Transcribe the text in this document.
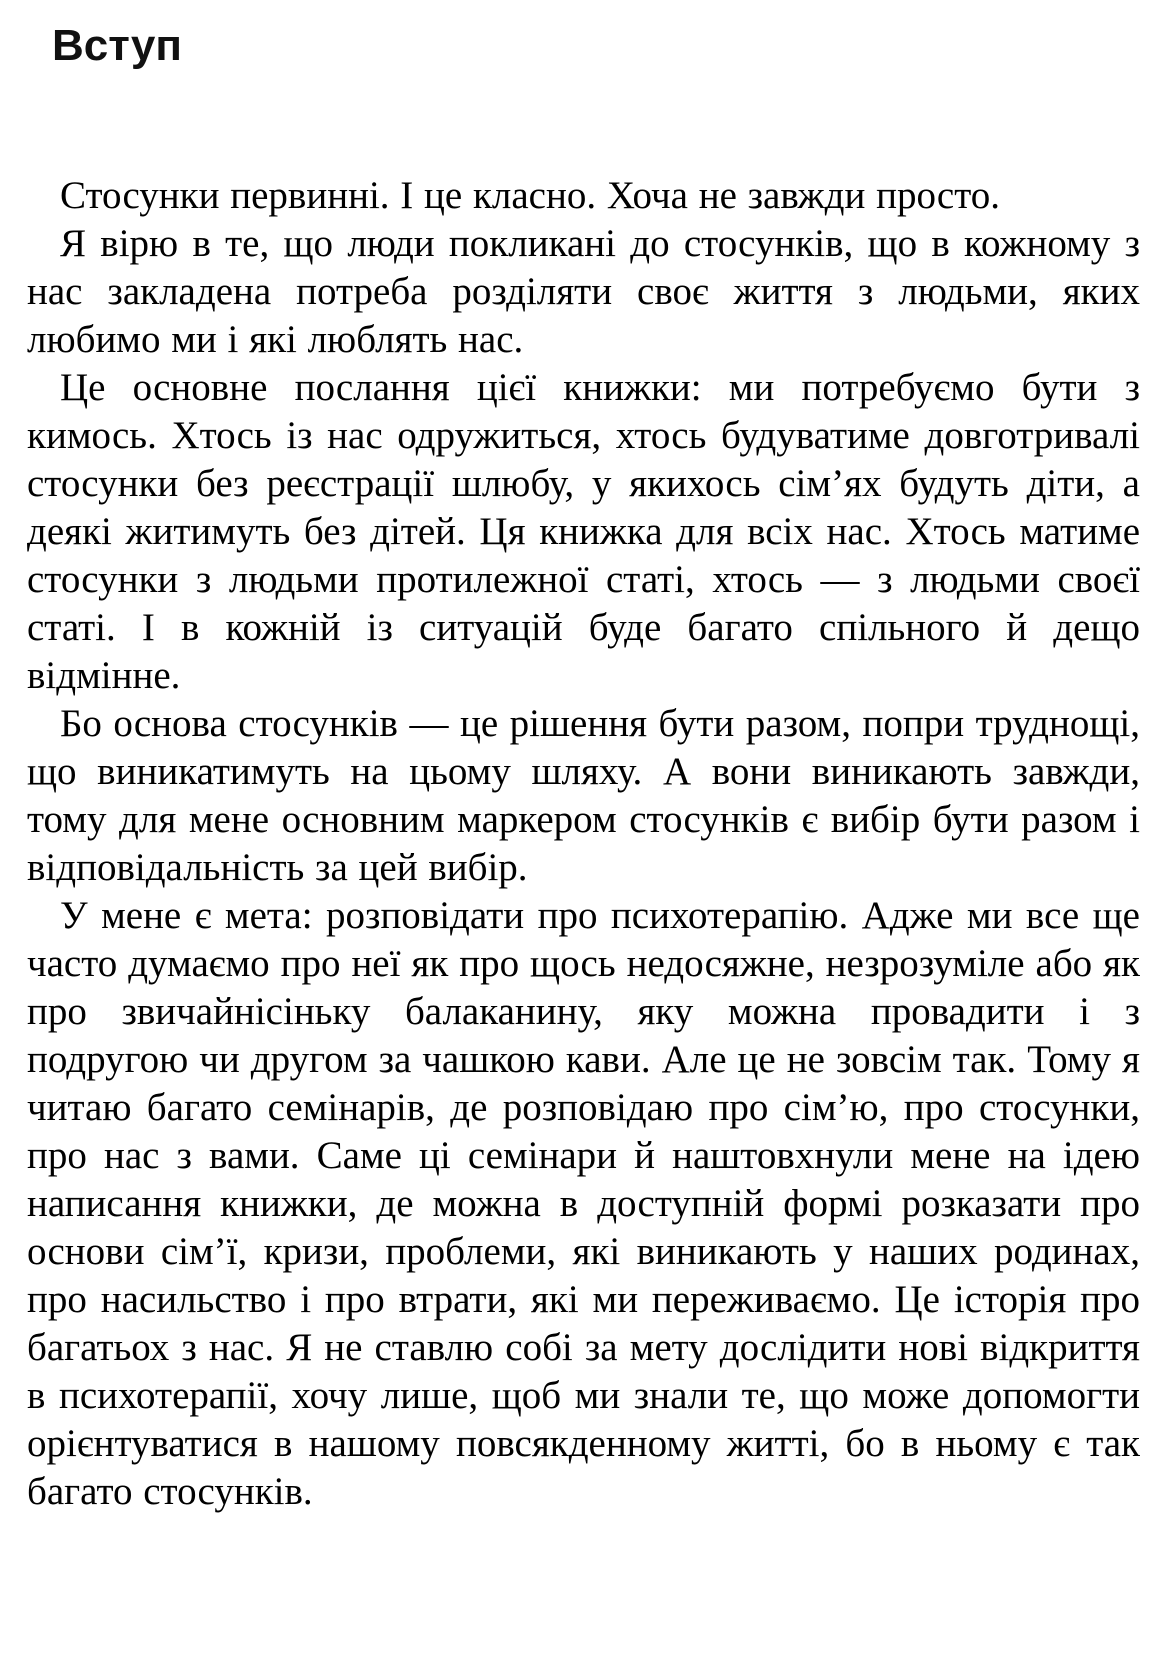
Вступ

Стосунки первинні. І це класно. Хоча не завжди просто.

Я вірю в те, що люди покликані до стосунків, що в кожному з нас закладена потреба розділяти своє життя з людьми, яких любимо ми і які люблять нас.

Це основне послання цієї книжки: ми потребуємо бути з кимось. Хтось із нас одружиться, хтось будуватиме довготривалі стосунки без реєстрації шлюбу, у якихось сім’ях будуть діти, а деякі житимуть без дітей. Ця книжка для всіх нас. Хтось матиме стосунки з людьми протилежної статі, хтось — з людьми своєї статі. І в кожній із ситуацій буде багато спільного й дещо відмінне.

Бо основа стосунків — це рішення бути разом, попри труднощі, що виникатимуть на цьому шляху. А вони виникають завжди, тому для мене основним маркером стосунків є вибір бути разом і відповідальність за цей вибір.

У мене є мета: розповідати про психотерапію. Адже ми все ще часто думаємо про неї як про щось недосяжне, незрозуміле або як про звичайнісіньку балаканину, яку можна провадити і з подругою чи другом за чашкою кави. Але це не зовсім так. Тому я читаю багато семінарів, де розповідаю про сім’ю, про стосунки, про нас з вами. Саме ці семінари й наштовхнули мене на ідею написання книжки, де можна в доступній формі розказати про основи сім’ї, кризи, проблеми, які виникають у наших родинах, про насильство і про втрати, які ми переживаємо. Це історія про багатьох з нас. Я не ставлю собі за мету дослідити нові відкриття в психотерапії, хочу лише, щоб ми знали те, що може допомогти орієнтуватися в нашому повсякденному житті, бо в ньому є так багато стосунків.
